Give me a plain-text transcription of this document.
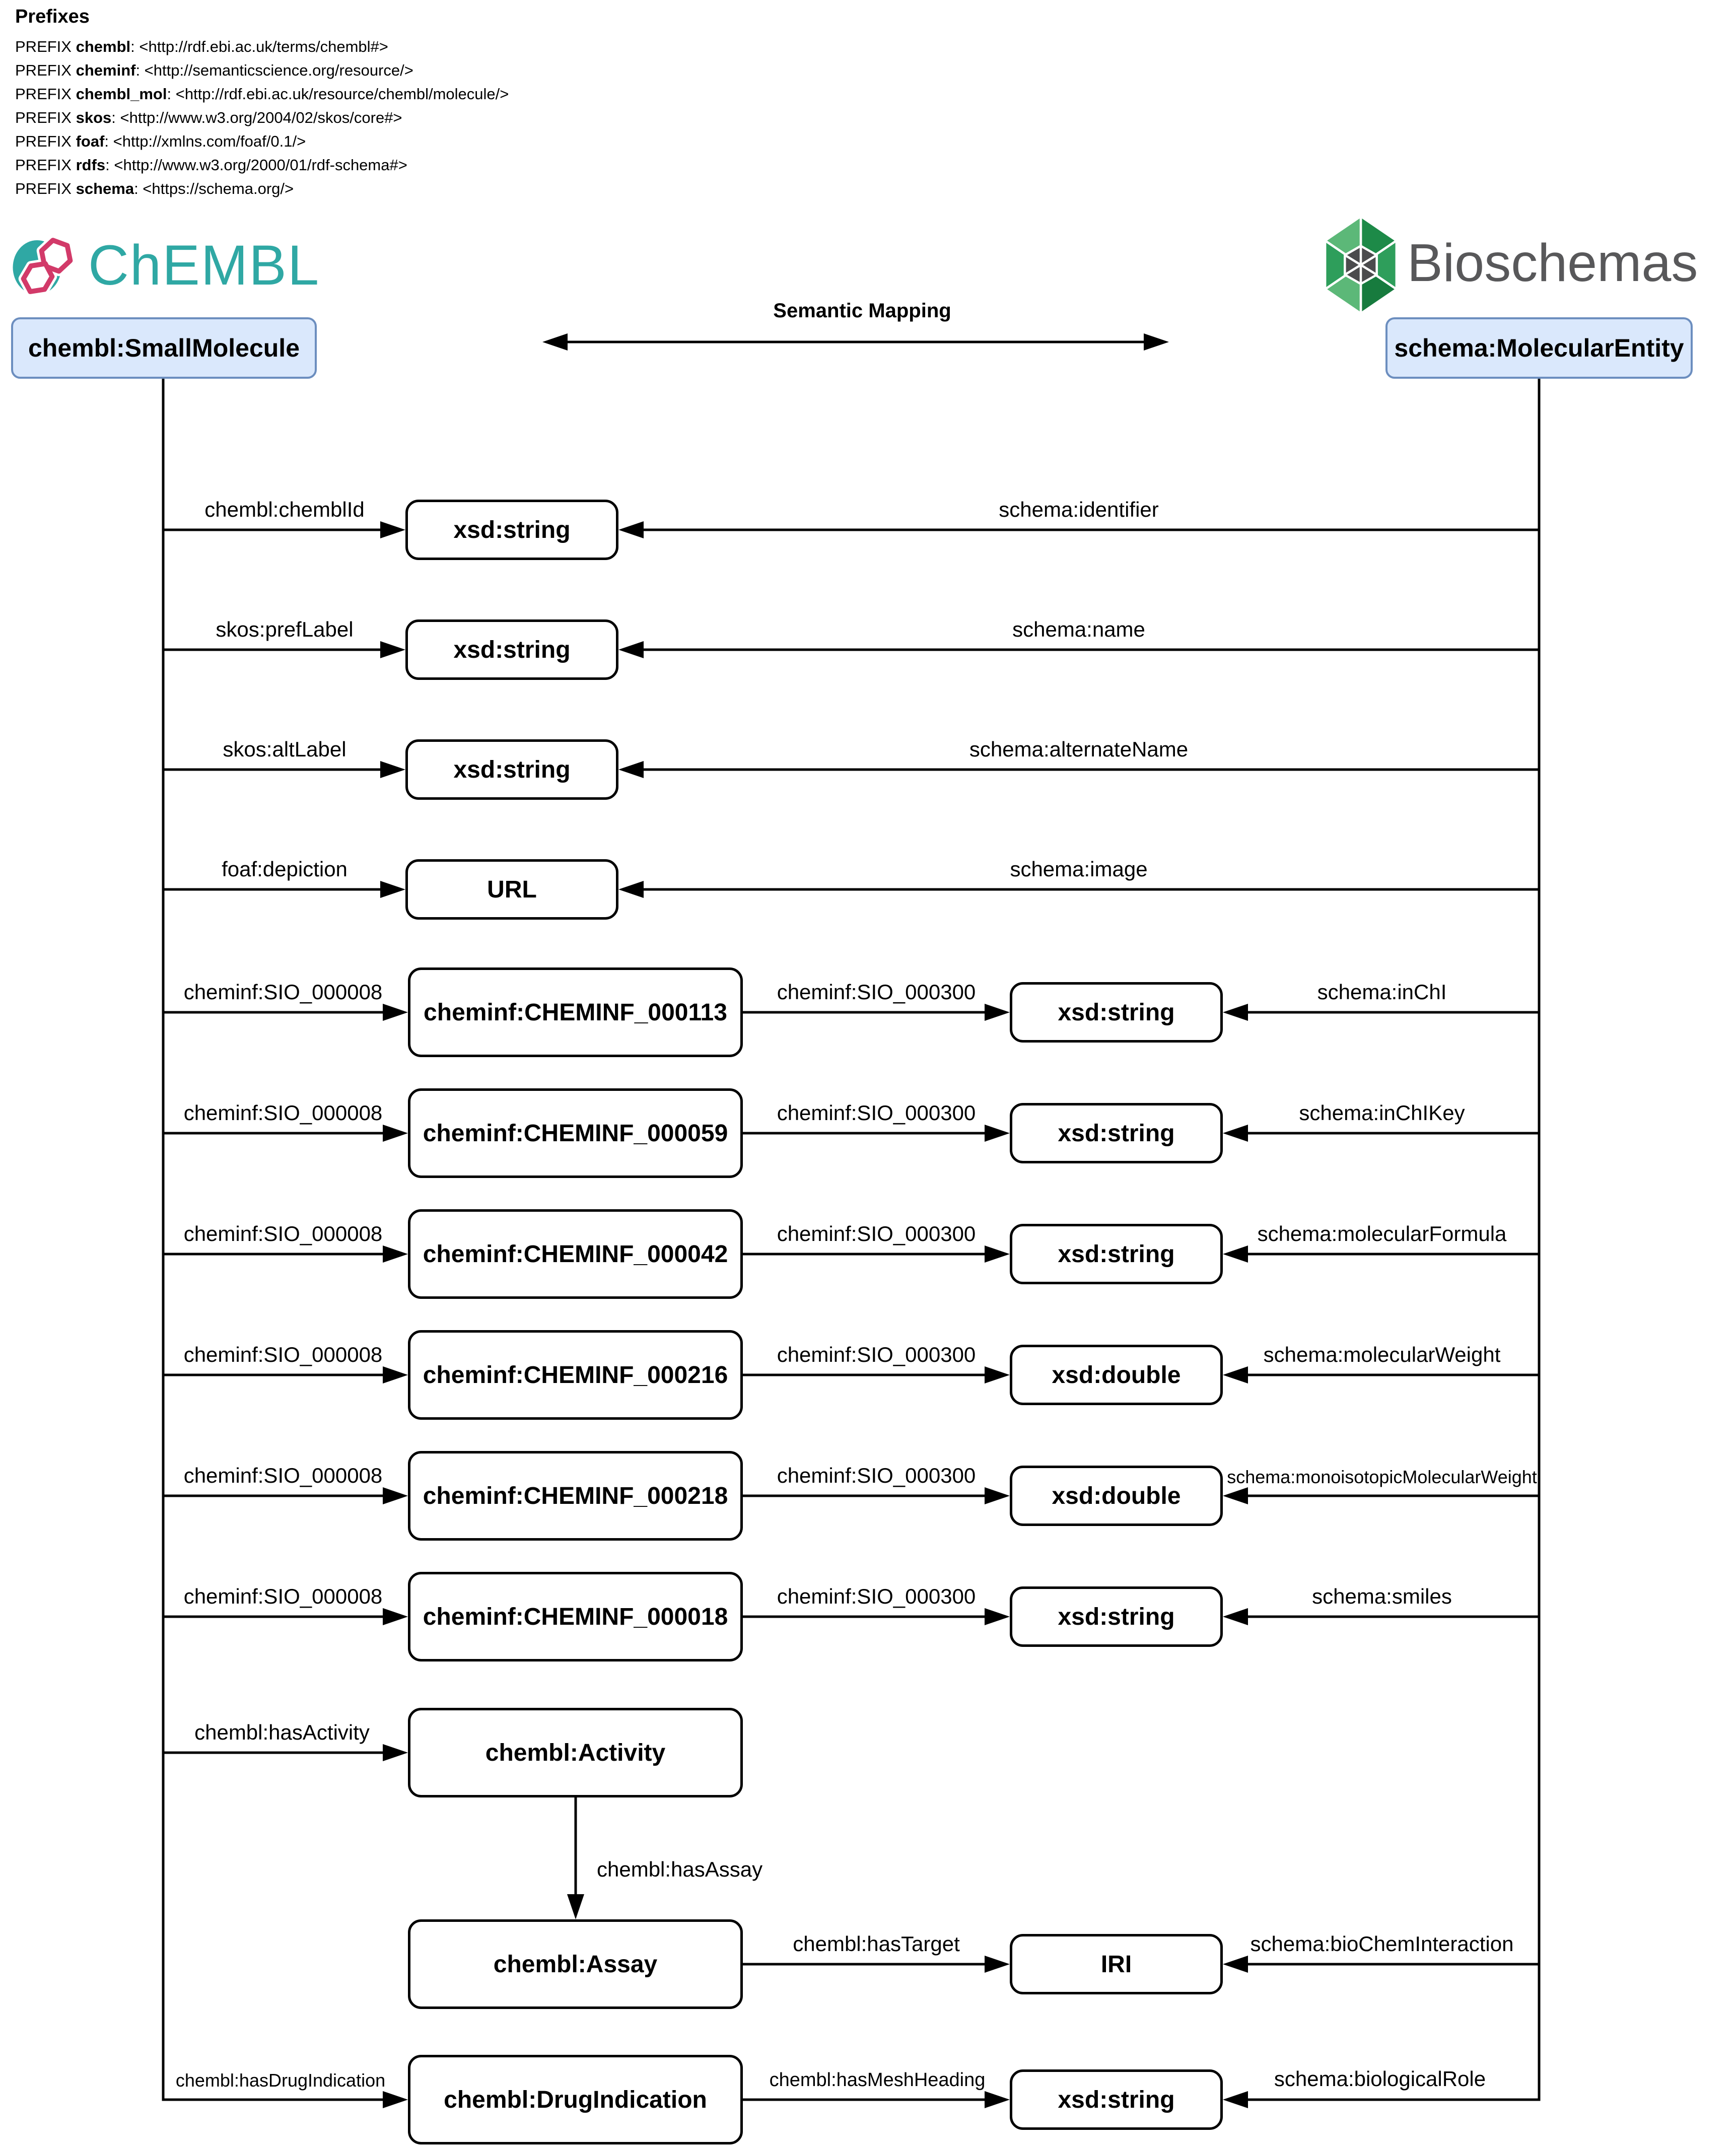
Prefixes
PREFIX chembl: <http://rdf.ebi.ac.uk/terms/chembl#>
PREFIX cheminf: <http://semanticscience.org/resource/>
PREFIX chembl_mol: <http://rdf.ebi.ac.uk/resource/chembl/molecule/>
PREFIX skos: <http://www.w3.org/2004/02/skos/core#>
PREFIX foaf: <http://xmlns.com/foaf/0.1/>
PREFIX rdfs: <http://www.w3.org/2000/01/rdf-schema#>
PREFIX schema: <https://schema.org/>
ChEMBL	Bioschemas
Semantic Mapping
chembl:SmallMolecule	schema:MolecularEntity
chembl:chemblId
xsd:string
schema:identifier
skos:prefLabel
xsd:string
schema:name
skos:altLabel
xsd:string
schema:alternateName
foaf:depiction
URL
schema:image
cheminf:SIO_000008
cheminf:CHEMINF_000113
cheminf:SIO_000300
xsd:string
schema:inChI
cheminf:SIO_000008
cheminf:CHEMINF_000059
cheminf:SIO_000300
xsd:string
schema:inChIKey
cheminf:SIO_000008
cheminf:CHEMINF_000042
cheminf:SIO_000300
xsd:string
schema:molecularFormula
cheminf:SIO_000008
cheminf:CHEMINF_000216
cheminf:SIO_000300
xsd:double
schema:molecularWeight
cheminf:SIO_000008
cheminf:CHEMINF_000218
cheminf:SIO_000300
xsd:double
schema:monoisotopicMolecularWeight
cheminf:SIO_000008
cheminf:CHEMINF_000018
cheminf:SIO_000300
xsd:string
schema:smiles
chembl:hasActivity
chembl:Activity
chembl:hasAssay
chembl:Assay
chembl:hasTarget
IRI
schema:bioChemInteraction
chembl:hasDrugIndication
chembl:DrugIndication
chembl:hasMeshHeading
xsd:string
schema:biologicalRole
